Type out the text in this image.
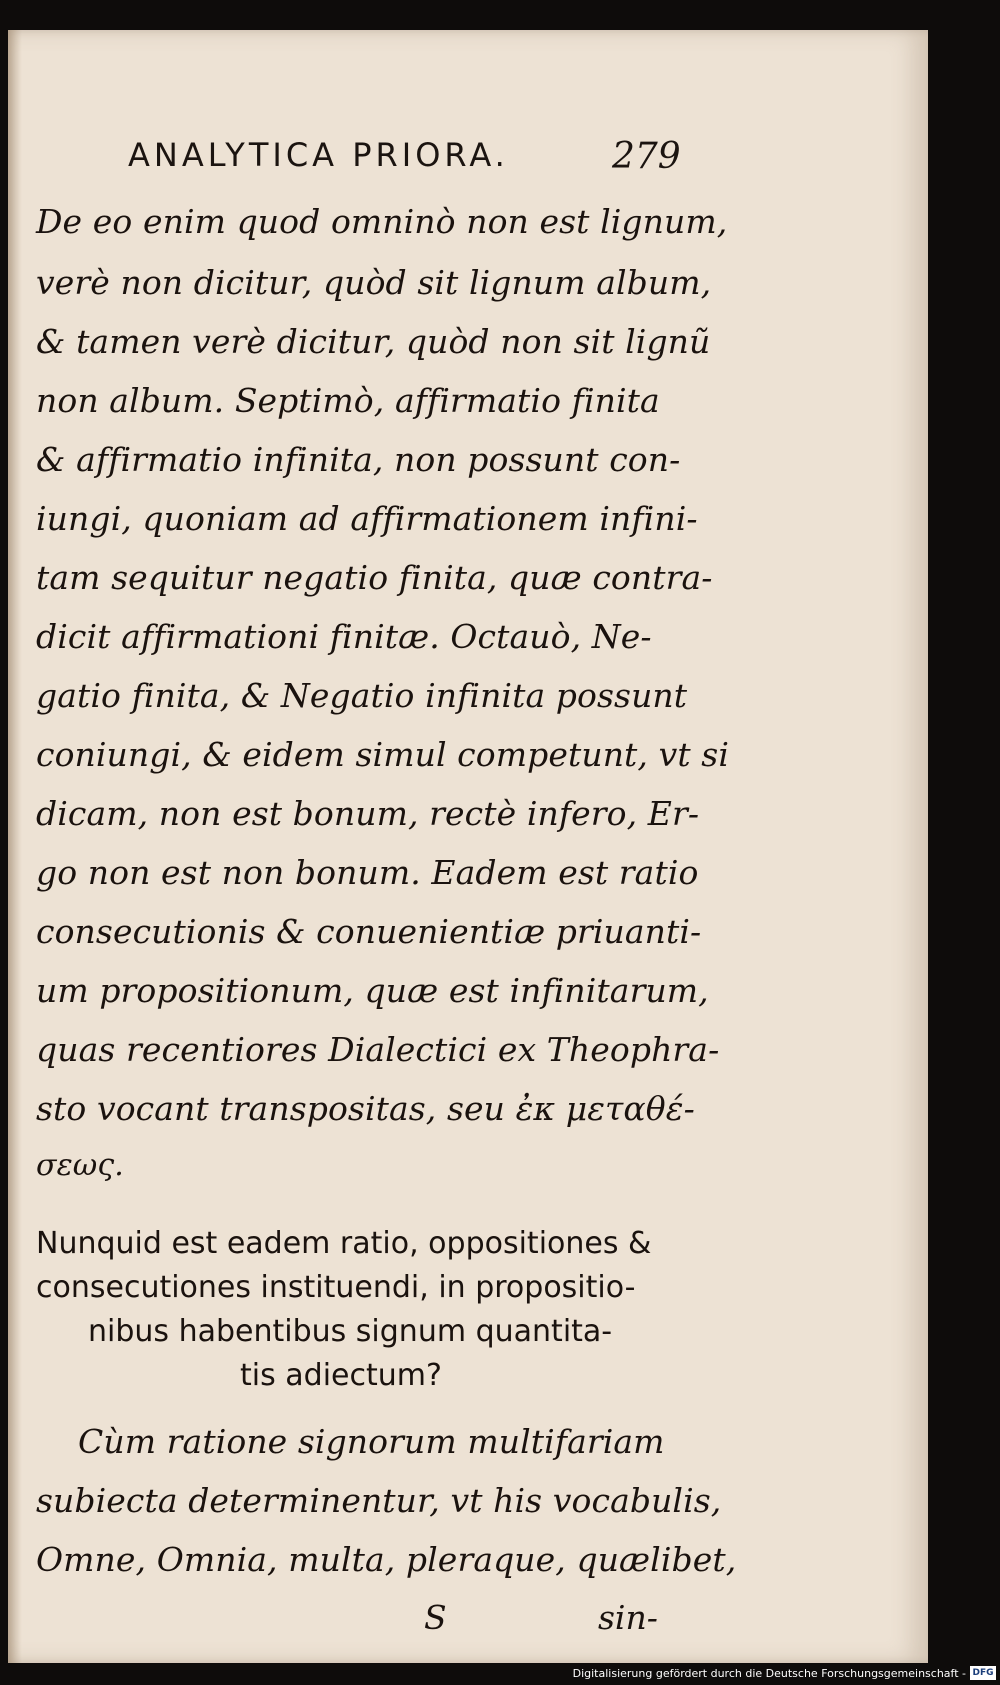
ANALYTICA PRIORA.	279
De eo enim quod omninò non est lignum,
verè non dicitur, quòd sit lignum album,
& tamen verè dicitur, quòd non sit lignũ
non album. Septimò, affirmatio finita
& affirmatio infinita, non possunt con-
iungi, quoniam ad affirmationem infini-
tam sequitur negatio finita, quæ contra-
dicit affirmationi finitæ. Octauò, Ne-
gatio finita, & Negatio infinita possunt
coniungi, & eidem simul competunt, vt si
dicam, non est bonum, rectè infero, Er-
go non est non bonum. Eadem est ratio
consecutionis & conuenientiæ priuanti-
um propositionum, quæ est infinitarum,
quas recentiores Dialectici ex Theophra-
sto vocant transpositas, seu ἐκ μεταθέ-
σεως.
Nunquid est eadem ratio, oppositiones &
consecutiones instituendi, in propositio-
nibus habentibus signum quantita-
tis adiectum?
Cùm ratione signorum multifariam
subiecta determinentur, vt his vocabulis,
Omne, Omnia, multa, pleraque, quælibet,
S	sin-
Digitalisierung gefördert durch die Deutsche Forschungsgemeinschaft - DFG
